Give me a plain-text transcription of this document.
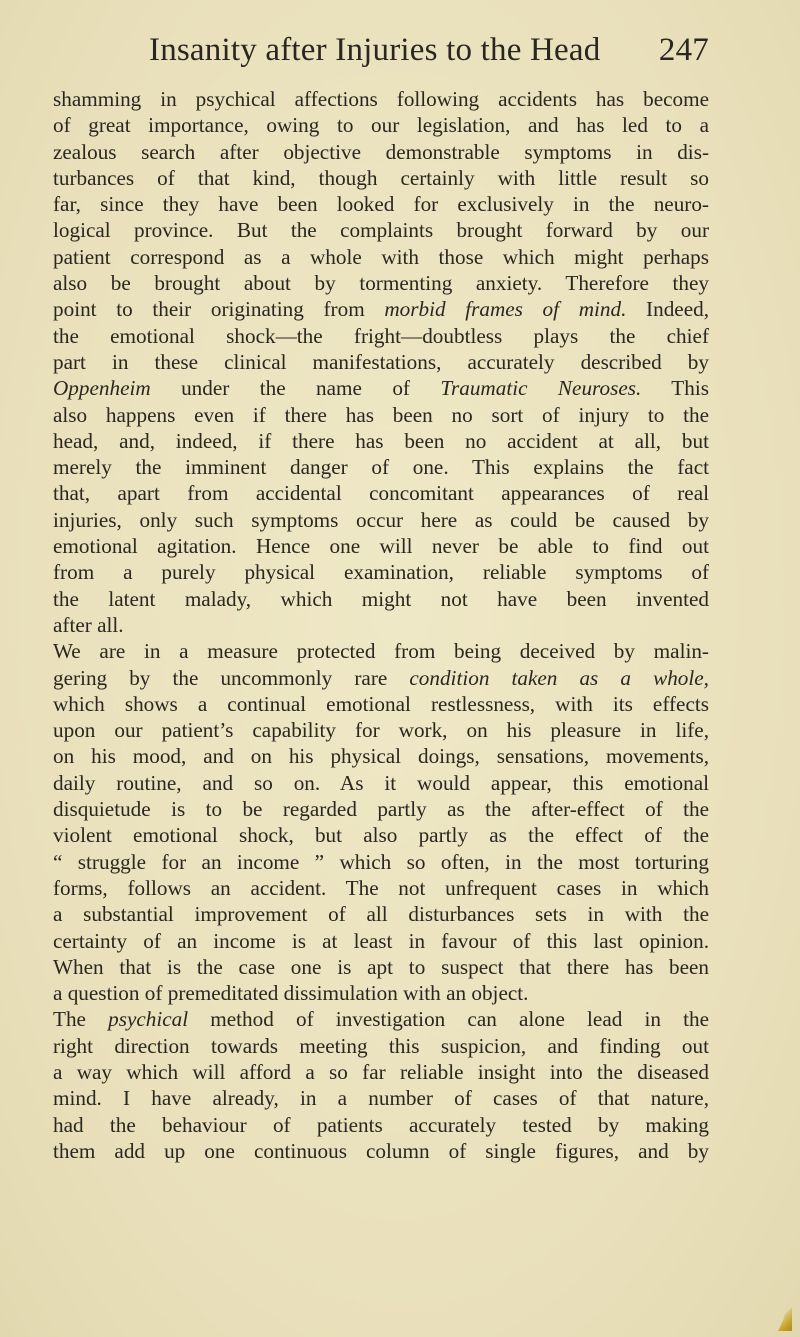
Insanity after Injuries to the Head 247
shamming in psychical affections following accidents has become
of great importance, owing to our legislation, and has led to a
zealous search after objective demonstrable symptoms in dis-
turbances of that kind, though certainly with little result so
far, since they have been looked for exclusively in the neuro-
logical province. But the complaints brought forward by our
patient correspond as a whole with those which might perhaps
also be brought about by tormenting anxiety. Therefore they
point to their originating from morbid frames of mind. Indeed,
the emotional shock—the fright—doubtless plays the chief
part in these clinical manifestations, accurately described by
Oppenheim under the name of Traumatic Neuroses. This
also happens even if there has been no sort of injury to the
head, and, indeed, if there has been no accident at all, but
merely the imminent danger of one. This explains the fact
that, apart from accidental concomitant appearances of real
injuries, only such symptoms occur here as could be caused by
emotional agitation. Hence one will never be able to find out
from a purely physical examination, reliable symptoms of
the latent malady, which might not have been invented
after all.
We are in a measure protected from being deceived by malin-
gering by the uncommonly rare condition taken as a whole,
which shows a continual emotional restlessness, with its effects
upon our patient’s capability for work, on his pleasure in life,
on his mood, and on his physical doings, sensations, movements,
daily routine, and so on. As it would appear, this emotional
disquietude is to be regarded partly as the after-effect of the
violent emotional shock, but also partly as the effect of the
“ struggle for an income ” which so often, in the most torturing
forms, follows an accident. The not unfrequent cases in which
a substantial improvement of all disturbances sets in with the
certainty of an income is at least in favour of this last opinion.
When that is the case one is apt to suspect that there has been
a question of premeditated dissimulation with an object.
The psychical method of investigation can alone lead in the
right direction towards meeting this suspicion, and finding out
a way which will afford a so far reliable insight into the diseased
mind. I have already, in a number of cases of that nature,
had the behaviour of patients accurately tested by making
them add up one continuous column of single figures, and by
